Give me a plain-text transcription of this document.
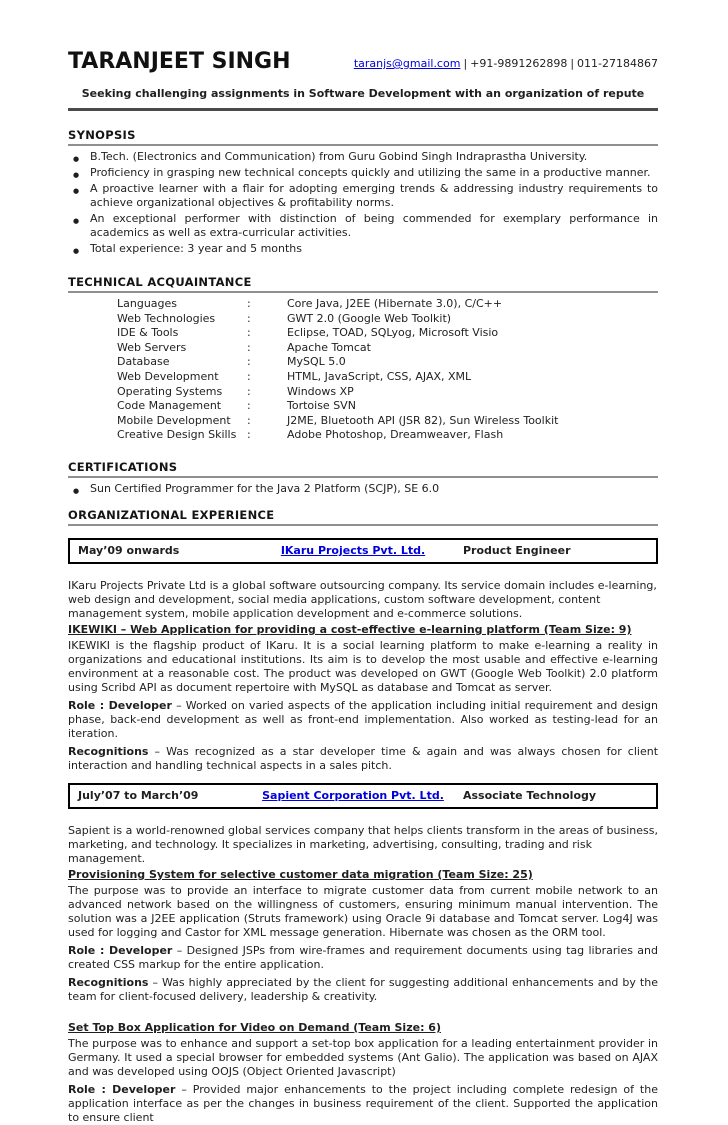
TARANJEET SINGH	taranjs@gmail.com | +91-9891262898 | 011-27184867
Seeking challenging assignments in Software Development with an organization of repute
SYNOPSIS
● B.Tech. (Electronics and Communication) from Guru Gobind Singh Indraprastha University.
● Proficiency in grasping new technical concepts quickly and utilizing the same in a productive manner.
● A proactive learner with a flair for adopting emerging trends & addressing industry requirements to achieve organizational objectives & profitability norms.
● An exceptional performer with distinction of being commended for exemplary performance in academics as well as extra-curricular activities.
● Total experience: 3 year and 5 months
TECHNICAL ACQUAINTANCE
Languages	:	Core Java, J2EE (Hibernate 3.0), C/C++
Web Technologies	:	GWT 2.0 (Google Web Toolkit)
IDE & Tools	:	Eclipse, TOAD, SQLyog, Microsoft Visio
Web Servers	:	Apache Tomcat
Database	:	MySQL 5.0
Web Development	:	HTML, JavaScript, CSS, AJAX, XML
Operating Systems	:	Windows XP
Code Management	:	Tortoise SVN
Mobile Development	:	J2ME, Bluetooth API (JSR 82), Sun Wireless Toolkit
Creative Design Skills :	Adobe Photoshop, Dreamweaver, Flash
CERTIFICATIONS
● Sun Certified Programmer for the Java 2 Platform (SCJP), SE 6.0
ORGANIZATIONAL EXPERIENCE
May’09 onwards	IKaru Projects Pvt. Ltd.	Product Engineer

IKaru Projects Private Ltd is a global software outsourcing company. Its service domain includes e-learning, web design and development, social media applications, custom software development, content management system, mobile application development and e-commerce solutions.

IKEWIKI – Web Application for providing a cost-effective e-learning platform (Team Size: 9)

IKEWIKI is the flagship product of IKaru. It is a social learning platform to make e-learning a reality in organizations and educational institutions. Its aim is to develop the most usable and effective e-learning environment at a reasonable cost. The product was developed on GWT (Google Web Toolkit) 2.0 platform using Scribd API as document repertoire with MySQL as database and Tomcat as server.

Role : Developer – Worked on varied aspects of the application including initial requirement and design phase, back-end development as well as front-end implementation. Also worked as testing-lead for an iteration.

Recognitions – Was recognized as a star developer time & again and was always chosen for client interaction and handling technical aspects in a sales pitch.

July’07 to March’09	Sapient Corporation Pvt. Ltd.	Associate Technology

Sapient is a world-renowned global services company that helps clients transform in the areas of business, marketing, and technology. It specializes in marketing, advertising, consulting, trading and risk management.

Provisioning System for selective customer data migration (Team Size: 25)

The purpose was to provide an interface to migrate customer data from current mobile network to an advanced network based on the willingness of customers, ensuring minimum manual intervention. The solution was a J2EE application (Struts framework) using Oracle 9i database and Tomcat server. Log4J was used for logging and Castor for XML message generation. Hibernate was chosen as the ORM tool.

Role : Developer – Designed JSPs from wire-frames and requirement documents using tag libraries and created CSS markup for the entire application.

Recognitions – Was highly appreciated by the client for suggesting additional enhancements and by the team for client-focused delivery, leadership & creativity.

Set Top Box Application for Video on Demand (Team Size: 6)

The purpose was to enhance and support a set-top box application for a leading entertainment provider in Germany. It used a special browser for embedded systems (Ant Galio). The application was based on AJAX and was developed using OOJS (Object Oriented Javascript)

Role : Developer – Provided major enhancements to the project including complete redesign of the application interface as per the changes in business requirement of the client. Supported the application to ensure client
